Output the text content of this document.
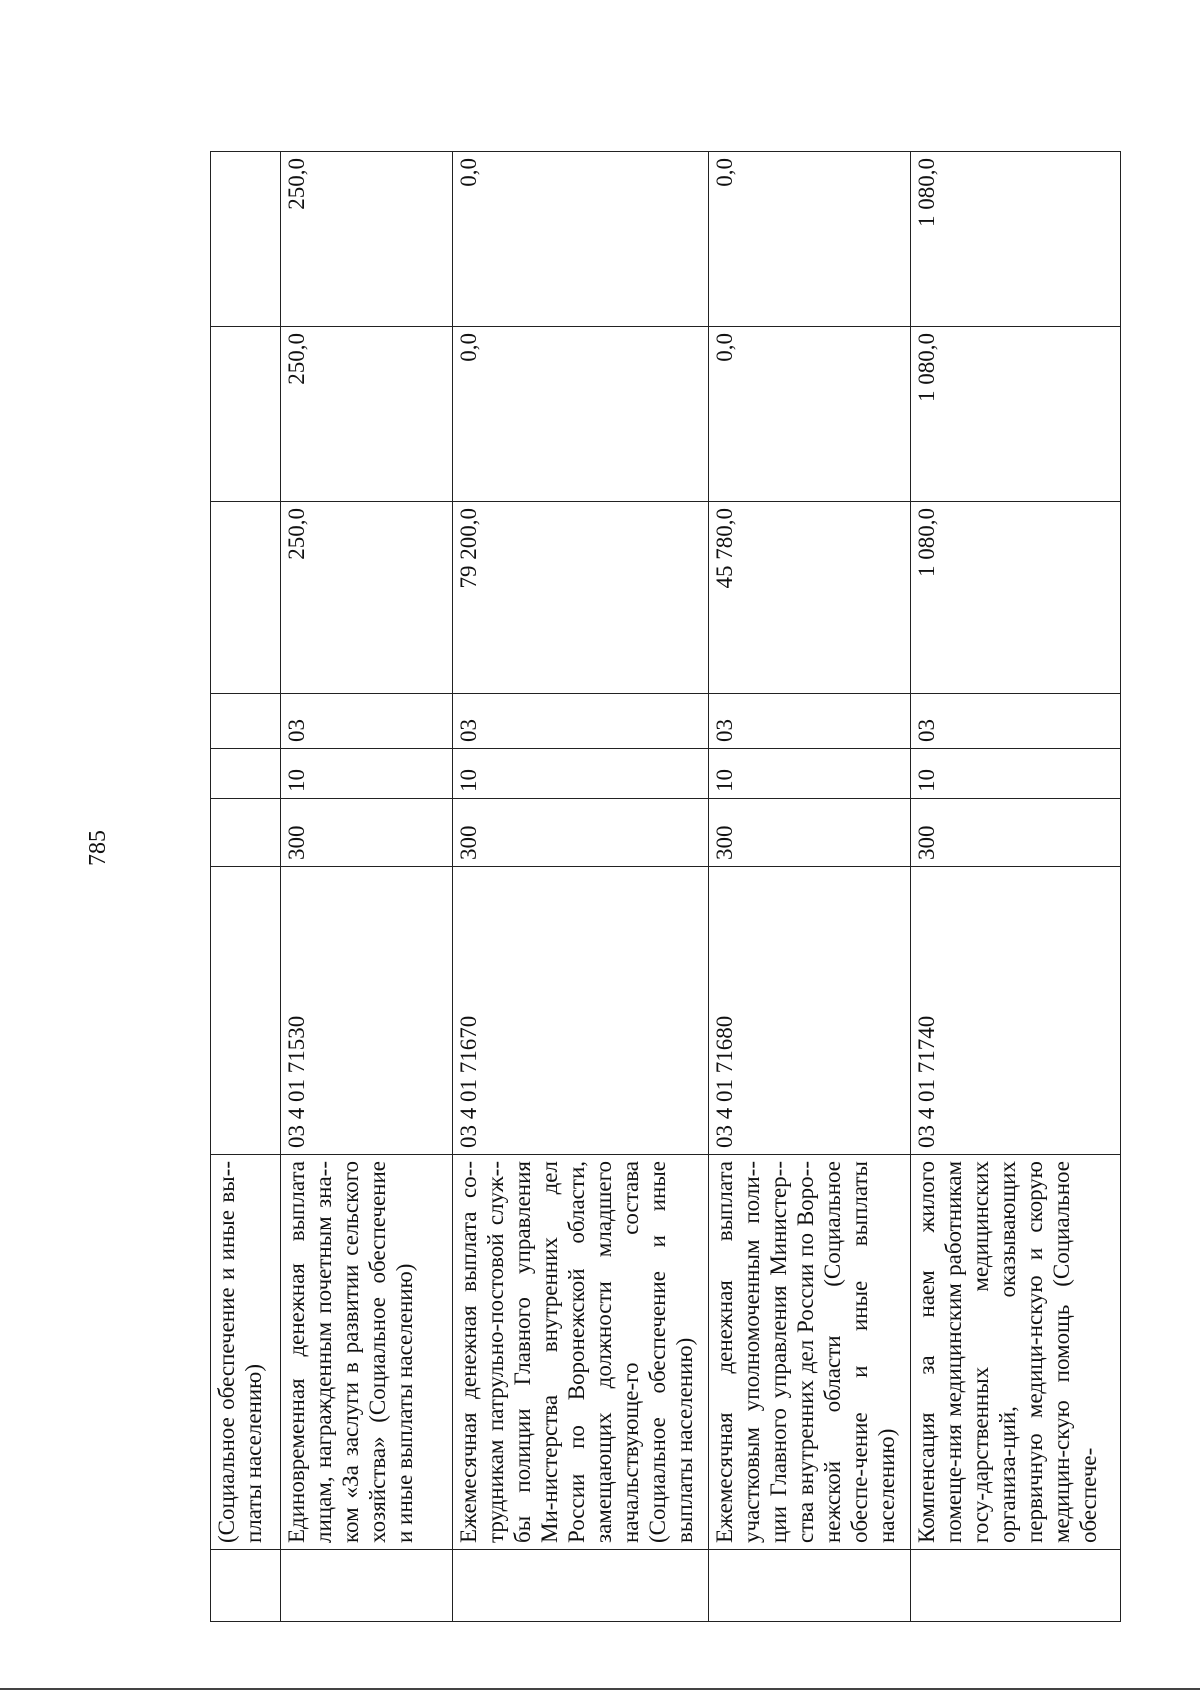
785
	(Социальное обеспечение и иные вы-платы населению)							
	Единовременная денежная выплата лицам, награжденным почетным зна-ком «За заслуги в развитии сельского хозяйства» (Социальное обеспечение и иные выплаты населению)	03 4 01 71530	300	10	03	250,0	250,0	250,0
	Ежемесячная денежная выплата со-трудникам патрульно-постовой служ-бы полиции Главного управления Ми-нистерства внутренних дел России по Воронежской области, замещающих должности младшего начальствующе-го состава (Социальное обеспечение и иные выплаты населению)	03 4 01 71670	300	10	03	79 200,0	0,0	0,0
	Ежемесячная денежная выплата участковым уполномоченным поли-ции Главного управления Министер-ства внутренних дел России по Воро-нежской области (Социальное обеспе-чение и иные выплаты населению)	03 4 01 71680	300	10	03	45 780,0	0,0	0,0
	Компенсация за наем жилого помеще-ния медицинским работникам госу-дарственных медицинских организа-ций, оказывающих первичную медици-нскую и скорую медицин-скую помощь (Социальное обеспече-	03 4 01 71740	300	10	03	1 080,0	1 080,0	1 080,0
